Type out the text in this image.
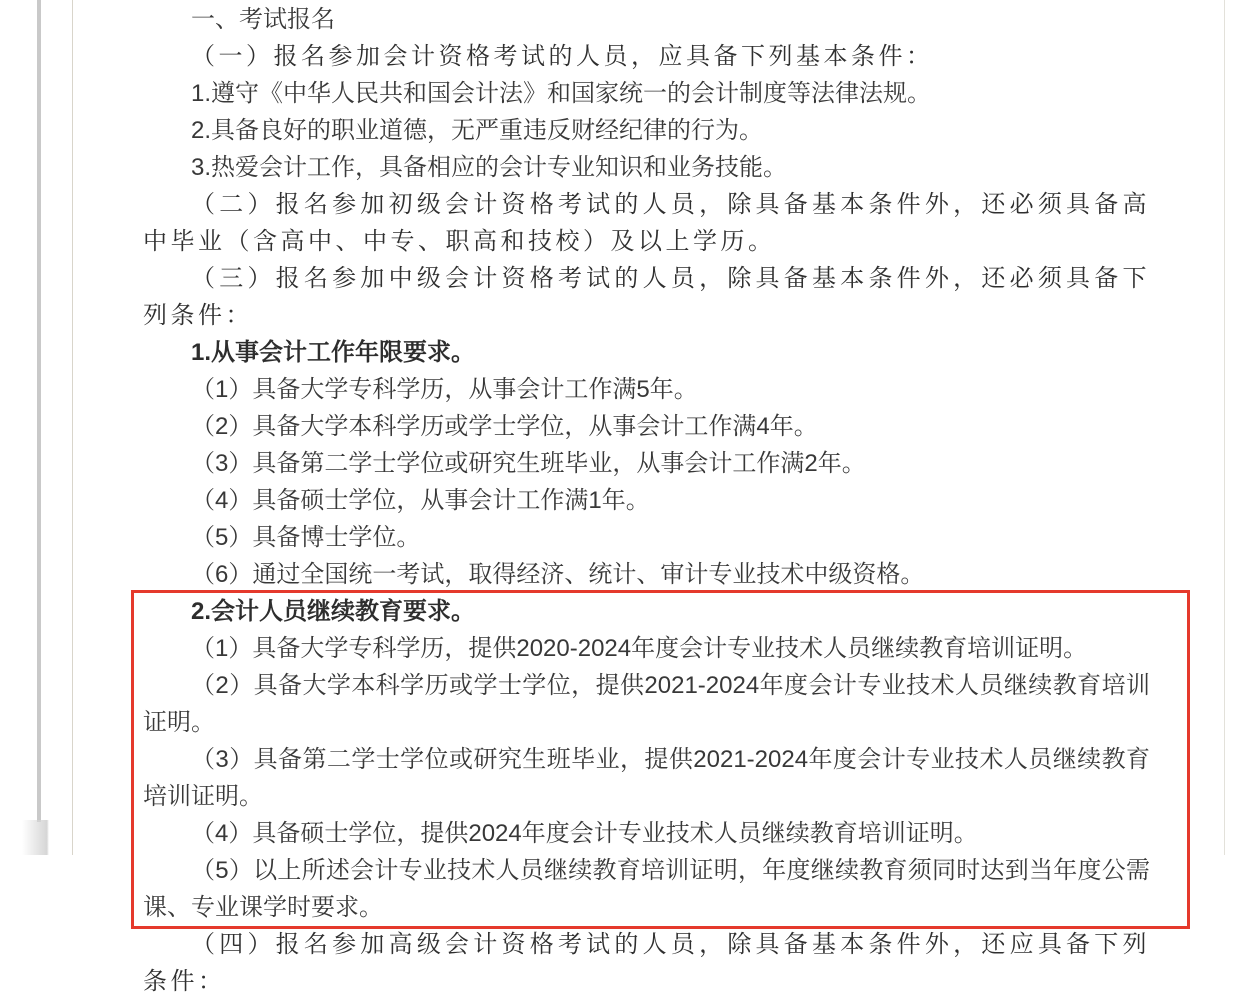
一、考试报名

（一）报名参加会计资格考试的人员，应具备下列基本条件：

1.遵守《中华人民共和国会计法》和国家统一的会计制度等法律法规。

2.具备良好的职业道德，无严重违反财经纪律的行为。

3.热爱会计工作，具备相应的会计专业知识和业务技能。

（二）报名参加初级会计资格考试的人员，除具备基本条件外，还必须具备高中毕业（含高中、中专、职高和技校）及以上学历。

（三）报名参加中级会计资格考试的人员，除具备基本条件外，还必须具备下列条件：

1.从事会计工作年限要求。

（1）具备大学专科学历，从事会计工作满5年。

（2）具备大学本科学历或学士学位，从事会计工作满4年。

（3）具备第二学士学位或研究生班毕业，从事会计工作满2年。

（4）具备硕士学位，从事会计工作满1年。

（5）具备博士学位。

（6）通过全国统一考试，取得经济、统计、审计专业技术中级资格。

2.会计人员继续教育要求。

（1）具备大学专科学历，提供2020-2024年度会计专业技术人员继续教育培训证明。

（2）具备大学本科学历或学士学位，提供2021-2024年度会计专业技术人员继续教育培训证明。

（3）具备第二学士学位或研究生班毕业，提供2021-2024年度会计专业技术人员继续教育培训证明。

（4）具备硕士学位，提供2024年度会计专业技术人员继续教育培训证明。

（5）以上所述会计专业技术人员继续教育培训证明，年度继续教育须同时达到当年度公需课、专业课学时要求。

（四）报名参加高级会计资格考试的人员，除具备基本条件外，还应具备下列条件：
